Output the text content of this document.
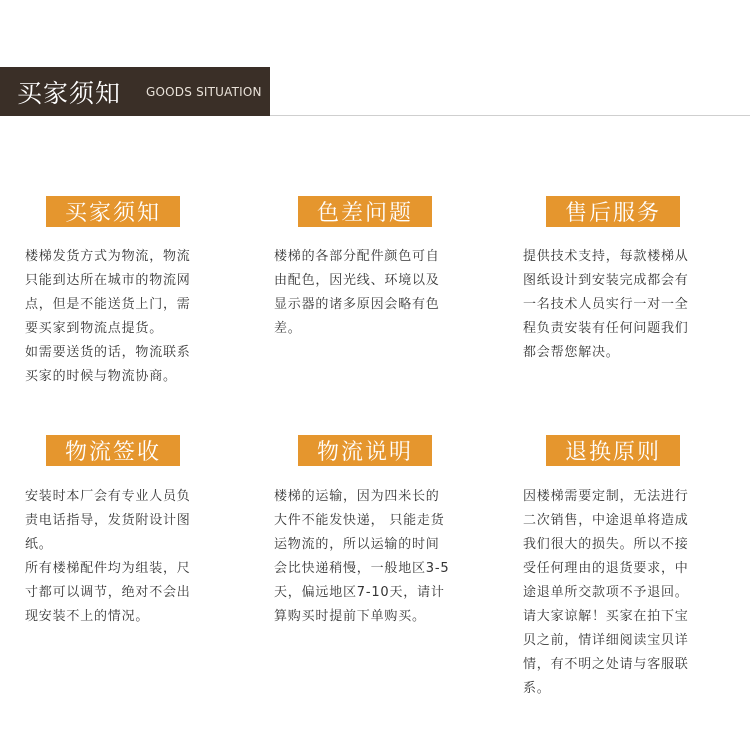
买家须知 GOODS SITUATION
买家须知
楼梯发货方式为物流，物流
只能到达所在城市的物流网
点，但是不能送货上门，需
要买家到物流点提货。
如需要送货的话，物流联系
买家的时候与物流协商。
色差问题
楼梯的各部分配件颜色可自
由配色，因光线、环境以及
显示器的诸多原因会略有色
差。
售后服务
提供技术支持，每款楼梯从
图纸设计到安装完成都会有
一名技术人员实行一对一全
程负责安装有任何问题我们
都会帮您解决。
物流签收
安装时本厂会有专业人员负
责电话指导，发货附设计图
纸。
所有楼梯配件均为组装，尺
寸都可以调节，绝对不会出
现安装不上的情况。
物流说明
楼梯的运输，因为四米长的
大件不能发快递， 只能走货
运物流的，所以运输的时间
会比快递稍慢，一般地区3-5
天，偏远地区7-10天，请计
算购买时提前下单购买。
退换原则
因楼梯需要定制，无法进行
二次销售，中途退单将造成
我们很大的损失。所以不接
受任何理由的退货要求，中
途退单所交款项不予退回。
请大家谅解！买家在拍下宝
贝之前，情详细阅读宝贝详
情，有不明之处请与客服联
系。
